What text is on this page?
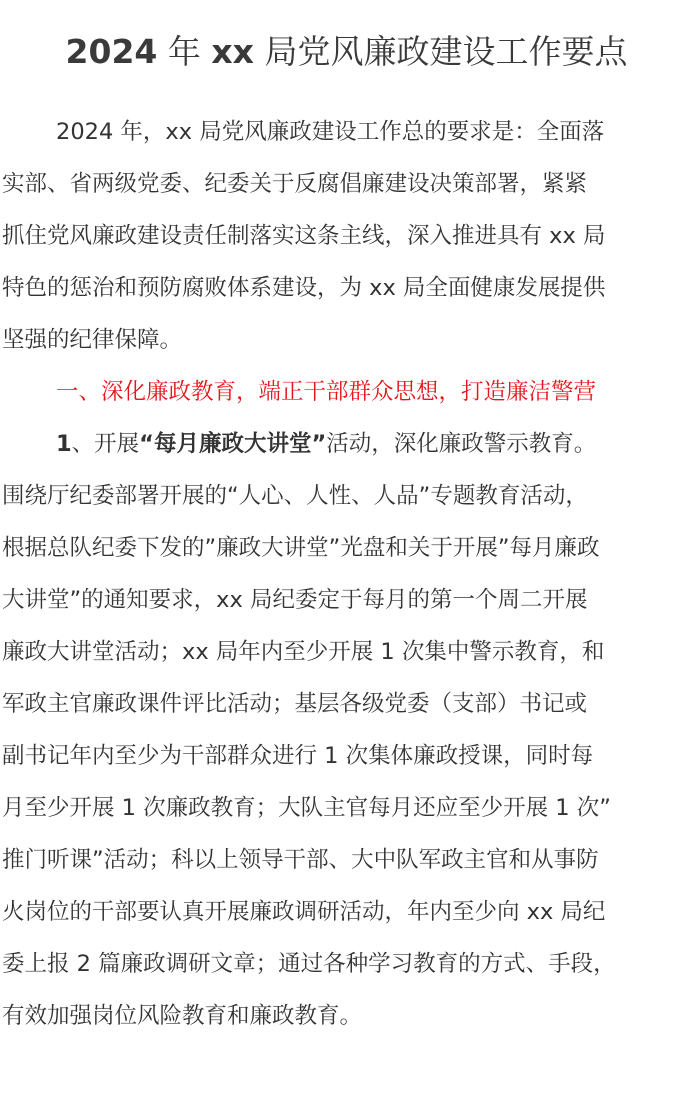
2024 年 xx 局党风廉政建设工作要点
2024 年，xx 局党风廉政建设工作总的要求是：全面落
实部、省两级党委、纪委关于反腐倡廉建设决策部署，紧紧
抓住党风廉政建设责任制落实这条主线，深入推进具有 xx 局
特色的惩治和预防腐败体系建设，为 xx 局全面健康发展提供
坚强的纪律保障。
一、深化廉政教育，端正干部群众思想，打造廉洁警营
1、开展“每月廉政大讲堂”活动，深化廉政警示教育。
围绕厅纪委部署开展的“人心、人性、人品”专题教育活动，
根据总队纪委下发的”廉政大讲堂”光盘和关于开展”每月廉政
大讲堂”的通知要求，xx 局纪委定于每月的第一个周二开展
廉政大讲堂活动；xx 局年内至少开展 1 次集中警示教育，和
军政主官廉政课件评比活动；基层各级党委（支部）书记或
副书记年内至少为干部群众进行 1 次集体廉政授课，同时每
月至少开展 1 次廉政教育；大队主官每月还应至少开展 1 次”
推门听课”活动；科以上领导干部、大中队军政主官和从事防
火岗位的干部要认真开展廉政调研活动，年内至少向 xx 局纪
委上报 2 篇廉政调研文章；通过各种学习教育的方式、手段，
有效加强岗位风险教育和廉政教育。
